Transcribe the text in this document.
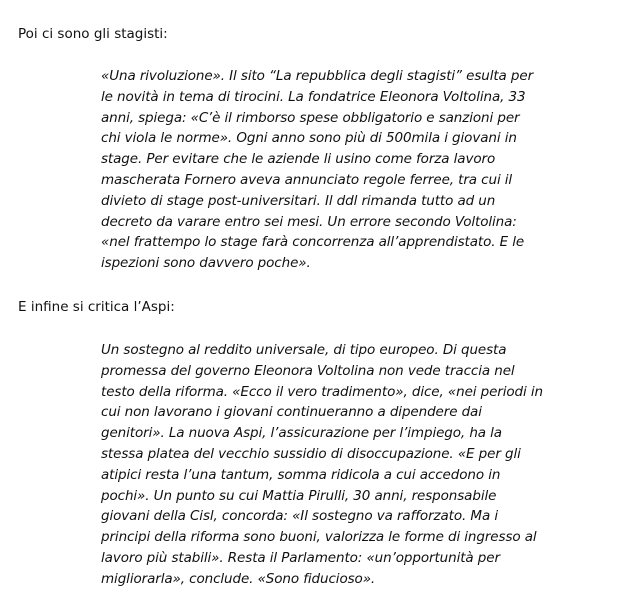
Poi ci sono gli stagisti:

«Una rivoluzione». Il sito “La repubblica degli stagisti” esulta per
le novità in tema di tirocini. La fondatrice Eleonora Voltolina, 33
anni, spiega: «C’è il rimborso spese obbligatorio e sanzioni per
chi viola le norme». Ogni anno sono più di 500mila i giovani in
stage. Per evitare che le aziende li usino come forza lavoro
mascherata Fornero aveva annunciato regole ferree, tra cui il
divieto di stage post-universitari. Il ddl rimanda tutto ad un
decreto da varare entro sei mesi. Un errore secondo Voltolina:
«nel frattempo lo stage farà concorrenza all’apprendistato. E le
ispezioni sono davvero poche».

E infine si critica l’Aspi:

Un sostegno al reddito universale, di tipo europeo. Di questa
promessa del governo Eleonora Voltolina non vede traccia nel
testo della riforma. «Ecco il vero tradimento», dice, «nei periodi in
cui non lavorano i giovani continueranno a dipendere dai
genitori». La nuova Aspi, l’assicurazione per l’impiego, ha la
stessa platea del vecchio sussidio di disoccupazione. «E per gli
atipici resta l’una tantum, somma ridicola a cui accedono in
pochi». Un punto su cui Mattia Pirulli, 30 anni, responsabile
giovani della Cisl, concorda: «Il sostegno va rafforzato. Ma i
principi della riforma sono buoni, valorizza le forme di ingresso al
lavoro più stabili». Resta il Parlamento: «un’opportunità per
migliorarla», conclude. «Sono fiducioso».
